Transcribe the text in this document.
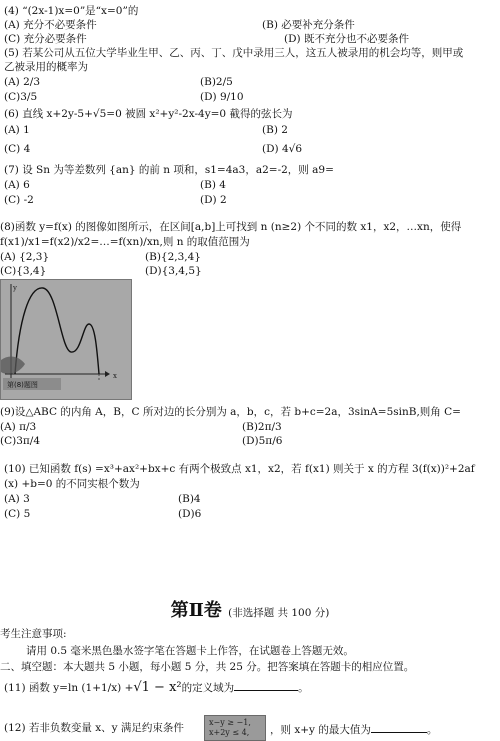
(4) “(2x-1)x=0”是“x=0”的
(A) 充分不必要条件	(B) 必要补充分条件
(C) 充分必要条件	(D) 既不充分也不必要条件
(5) 若某公司从五位大学毕业生甲、乙、丙、丁、戊中录用三人，这五人被录用的机会均等，则甲或
乙被录用的概率为
(A) 2/3	(B)2/5
(C)3/5	(D) 9/10
(6) 直线 x+2y-5+√5=0 被圆 x²+y²-2x-4y=0 截得的弦长为
(A) 1	(B) 2
(C) 4	(D) 4√6
(7) 设 Sn 为等差数列 {an} 的前 n 项和，s1=4a3，a2=-2，则 a9=
(A) 6	(B) 4
(C) -2	(D) 2
(8)函数 y=f(x) 的图像如图所示，在区间[a,b]上可找到 n (n≥2) 个不同的数 x1，x2，…xn，使得
f(x1)/x1=f(x2)/x2=…=f(xn)/xn,则 n 的取值范围为
(A) {2,3}	(B){2,3,4}
(C){3,4}	(D){3,4,5}
x
y
第(8)题图
(9)设△ABC 的内角 A，B，C 所对边的长分别为 a，b，c，若 b+c=2a，3sinA=5sinB,则角 C=
(A) π/3	(B)2π/3
(C)3π/4	(D)5π/6
(10) 已知函数 f(s) =x³+ax²+bx+c 有两个极致点 x1，x2，若 f(x1) 则关于 x 的方程 3(f(x))²+2af
(x) +b=0 的不同实根个数为
(A) 3	(B)4
(C) 5	(D)6
第Ⅱ卷 (非选择题 共 100 分)
考生注意事项:
请用 0.5 毫米黑色墨水签字笔在答题卡上作答，在试题卷上答题无效。
二、填空题：本大题共 5 小题，每小题 5 分，共 25 分。把答案填在答题卡的相应位置。
(11) 函数 y=ln (1+1/x) +√1 − x²的定义域为	。
(12) 若非负数变量 x、y 满足约束条件	x−y ≥ −1,
x+2y ≤ 4,	，则 x+y 的最大值为	。
